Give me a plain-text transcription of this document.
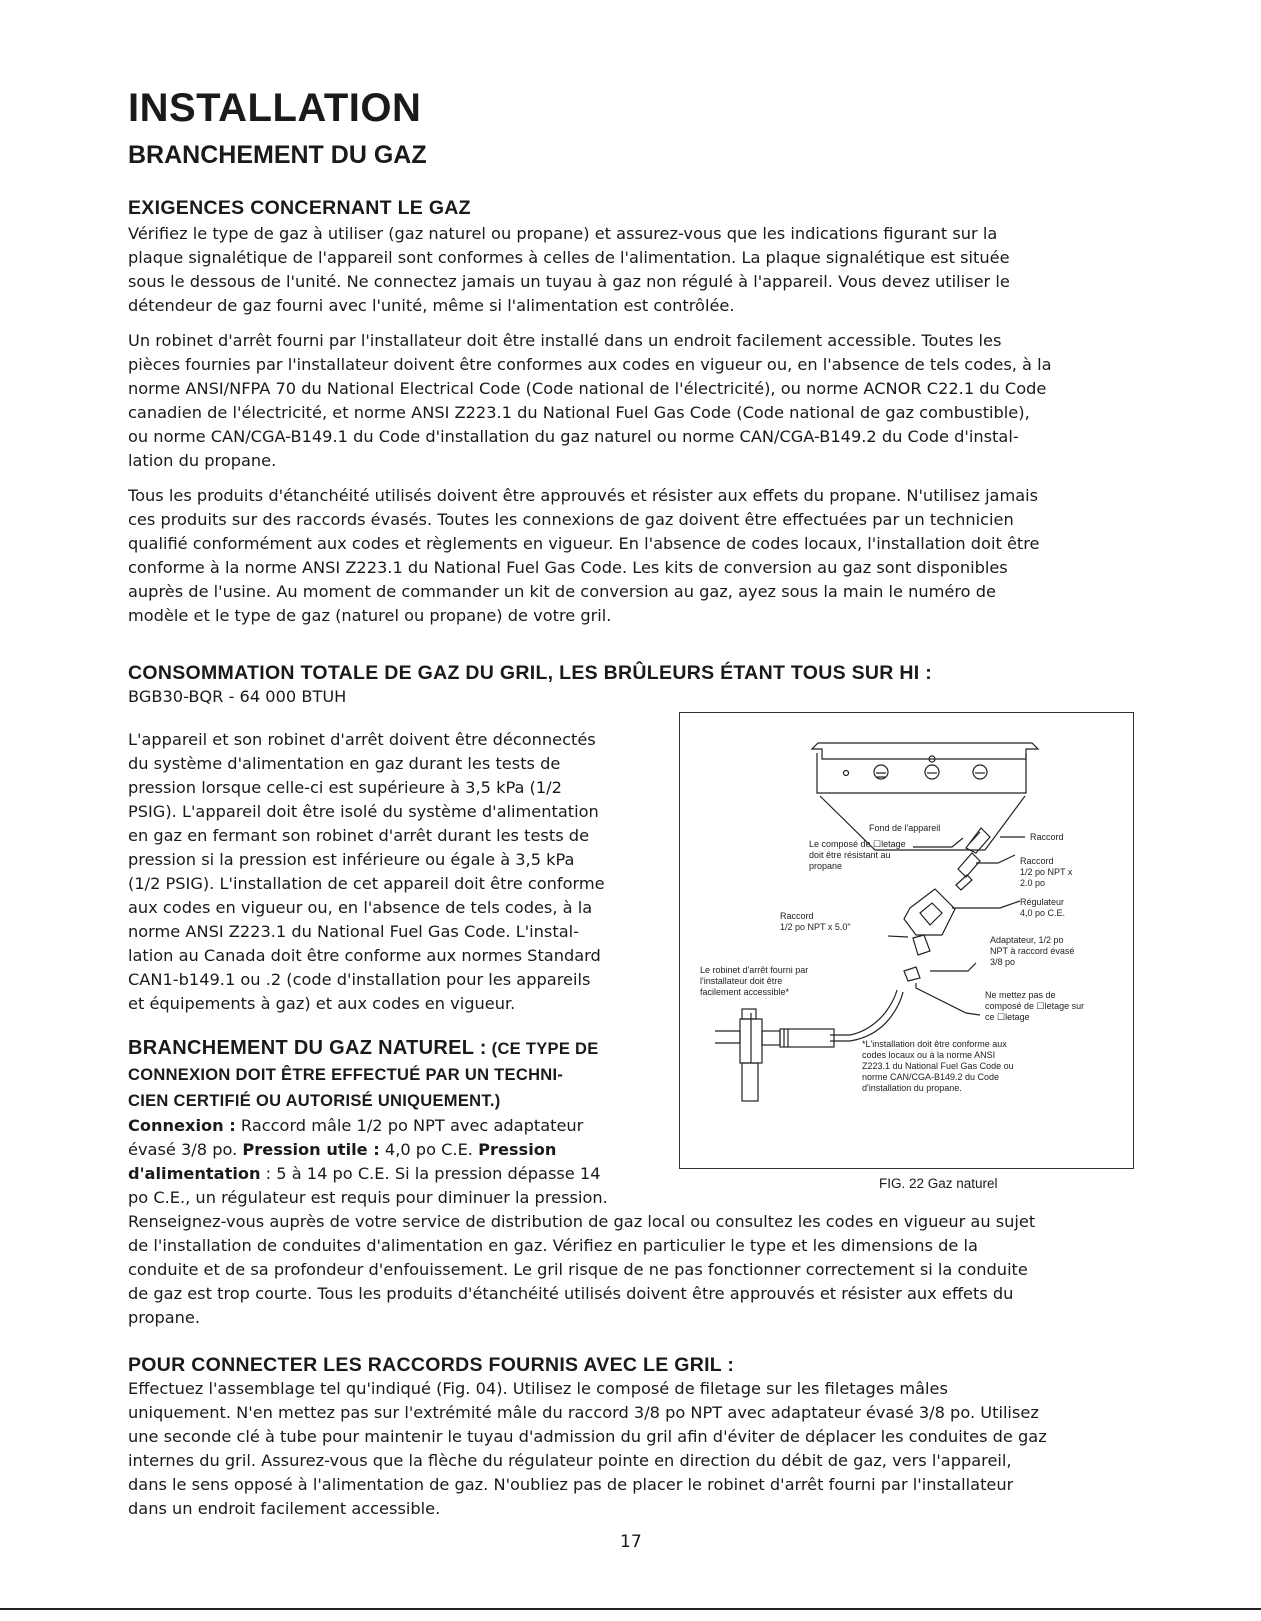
INSTALLATION
BRANCHEMENT DU GAZ
EXIGENCES CONCERNANT LE GAZ
Vérifiez le type de gaz à utiliser (gaz naturel ou propane) et assurez-vous que les indications figurant sur la
plaque signalétique de l'appareil sont conformes à celles de l'alimentation. La plaque signalétique est située
sous le dessous de l'unité. Ne connectez jamais un tuyau à gaz non régulé à l'appareil. Vous devez utiliser le
détendeur de gaz fourni avec l'unité, même si l'alimentation est contrôlée.
Un robinet d'arrêt fourni par l'installateur doit être installé dans un endroit facilement accessible. Toutes les
pièces fournies par l'installateur doivent être conformes aux codes en vigueur ou, en l'absence de tels codes, à la
norme ANSI/NFPA 70 du National Electrical Code (Code national de l'électricité), ou norme ACNOR C22.1 du Code
canadien de l'électricité, et norme ANSI Z223.1 du National Fuel Gas Code (Code national de gaz combustible),
ou norme CAN/CGA-B149.1 du Code d'installation du gaz naturel ou norme CAN/CGA-B149.2 du Code d'instal-
lation du propane.
Tous les produits d'étanchéité utilisés doivent être approuvés et résister aux effets du propane. N'utilisez jamais
ces produits sur des raccords évasés. Toutes les connexions de gaz doivent être effectuées par un technicien
qualifié conformément aux codes et règlements en vigueur. En l'absence de codes locaux, l'installation doit être
conforme à la norme ANSI Z223.1 du National Fuel Gas Code. Les kits de conversion au gaz sont disponibles
auprès de l'usine. Au moment de commander un kit de conversion au gaz, ayez sous la main le numéro de
modèle et le type de gaz (naturel ou propane) de votre gril.
CONSOMMATION TOTALE DE GAZ DU GRIL, LES BRÛLEURS ÉTANT TOUS SUR HI :
BGB30-BQR - 64 000 BTUH
L'appareil et son robinet d'arrêt doivent être déconnectés
du système d'alimentation en gaz durant les tests de
pression lorsque celle-ci est supérieure à 3,5 kPa (1/2
PSIG). L'appareil doit être isolé du système d'alimentation
en gaz en fermant son robinet d'arrêt durant les tests de
pression si la pression est inférieure ou égale à 3,5 kPa
(1/2 PSIG). L'installation de cet appareil doit être conforme
aux codes en vigueur ou, en l'absence de tels codes, à la
norme ANSI Z223.1 du National Fuel Gas Code. L'instal-
lation au Canada doit être conforme aux normes Standard
CAN1-b149.1 ou .2 (code d'installation pour les appareils
et équipements à gaz) et aux codes en vigueur.
BRANCHEMENT DU GAZ NATUREL : (CE TYPE DE
CONNEXION DOIT ÊTRE EFFECTUÉ PAR UN TECHNI-
CIEN CERTIFIÉ OU AUTORISÉ UNIQUEMENT.)
Connexion : Raccord mâle 1/2 po NPT avec adaptateur
évasé 3/8 po. Pression utile : 4,0 po C.E. Pression
d'alimentation : 5 à 14 po C.E. Si la pression dépasse 14
po C.E., un régulateur est requis pour diminuer la pression.
Renseignez-vous auprès de votre service de distribution de gaz local ou consultez les codes en vigueur au sujet
de l'installation de conduites d'alimentation en gaz. Vérifiez en particulier le type et les dimensions de la
conduite et de sa profondeur d'enfouissement. Le gril risque de ne pas fonctionner correctement si la conduite
de gaz est trop courte. Tous les produits d'étanchéité utilisés doivent être approuvés et résister aux effets du
propane.
POUR CONNECTER LES RACCORDS FOURNIS AVEC LE GRIL :
Effectuez l'assemblage tel qu'indiqué (Fig. 04). Utilisez le composé de filetage sur les filetages mâles
uniquement. N'en mettez pas sur l'extrémité mâle du raccord 3/8 po NPT avec adaptateur évasé 3/8 po. Utilisez
une seconde clé à tube pour maintenir le tuyau d'admission du gril afin d'éviter de déplacer les conduites de gaz
internes du gril. Assurez-vous que la flèche du régulateur pointe en direction du débit de gaz, vers l'appareil,
dans le sens opposé à l'alimentation de gaz. N'oubliez pas de placer le robinet d'arrêt fourni par l'installateur
dans un endroit facilement accessible.
Fond de l'appareil
Le composé de ☐letage
doit être résistant au
propane
Raccord
Raccord
1/2 po NPT x
2.0 po
Régulateur
4,0 po C.E.
Raccord
1/2 po NPT x 5.0"
Adaptateur, 1/2 po
NPT à raccord évasé
3/8 po
Le robinet d'arrêt fourni par
l'installateur doit être
facilement accessible*	Ne mettez pas de
composé de ☐letage sur
ce ☐letage
*L'installation doit être conforme aux
codes locaux ou à la norme ANSI
Z223.1 du National Fuel Gas Code ou
norme CAN/CGA-B149.2 du Code
d'installation du propane.
FIG. 22 Gaz naturel
17
